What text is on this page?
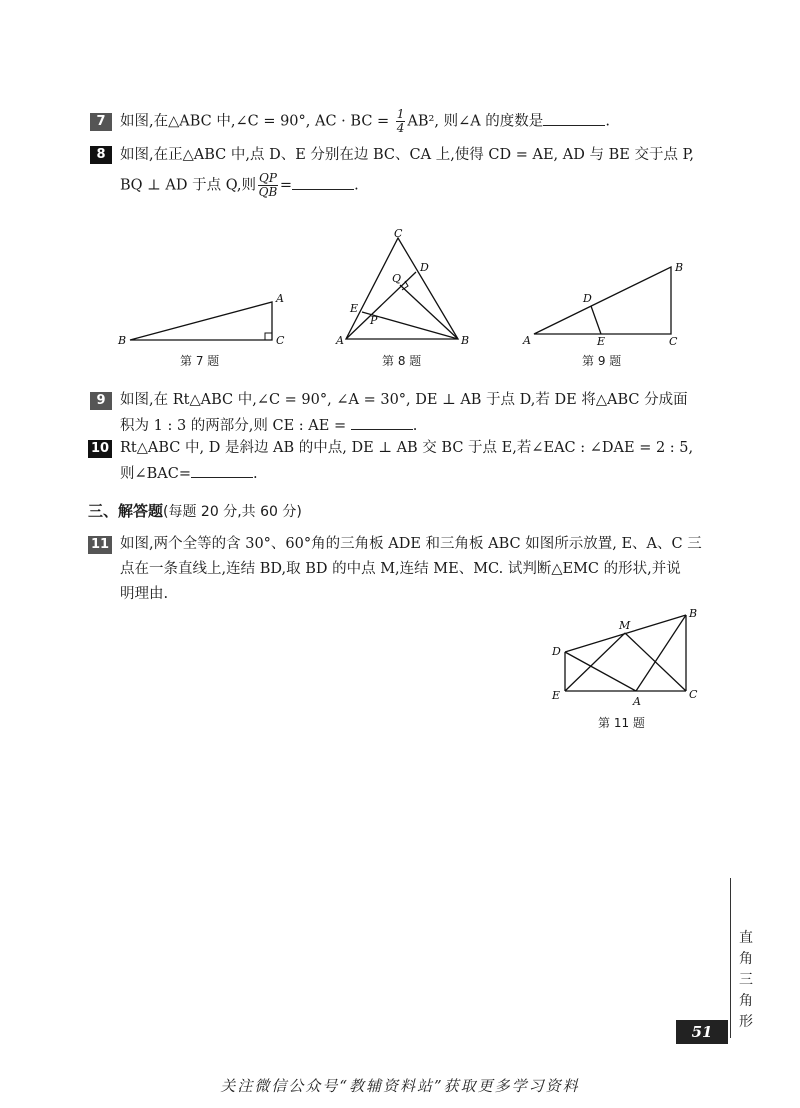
7 如图,在△ABC 中,∠C = 90°, AC · BC = $\frac{1}{4} AB^2$, 则∠A 的度数是	.
8 如图,在正△ABC 中,点 D、E 分别在边 BC、CA 上,使得 CD = AE, AD 与 BE 交于点 P,
BQ ⊥ AD 于点 Q,则 $\frac{QP}{QB}$ =	.
B
A
C
C
D
Q
E
P
A	B
B
D
A	E	C
第 7 题	第 8 题	第 9 题
9 如图,在 Rt△ABC 中,∠C = 90°, ∠A = 30°, DE ⊥ AB 于点 D,若 DE 将△ABC 分成面
积为 1 : 3 的两部分,则 CE : AE =	.
10 Rt△ABC 中, D 是斜边 AB 的中点, DE ⊥ AB 交 BC 于点 E,若∠EAC : ∠DAE = 2 : 5,
则∠BAC=	.
三、解答题(每题 20 分,共 60 分)
11 如图,两个全等的含 30°、60°角的三角板 ADE 和三角板 ABC 如图所示放置, E、A、C 三
点在一条直线上,连结 BD,取 BD 的中点 M,连结 ME、MC. 试判断△EMC 的形状,并说
明理由.
B
M
D
E	A
C
第 11 题
直角三角形
51
关注微信公众号“教辅资料站”获取更多学习资料
